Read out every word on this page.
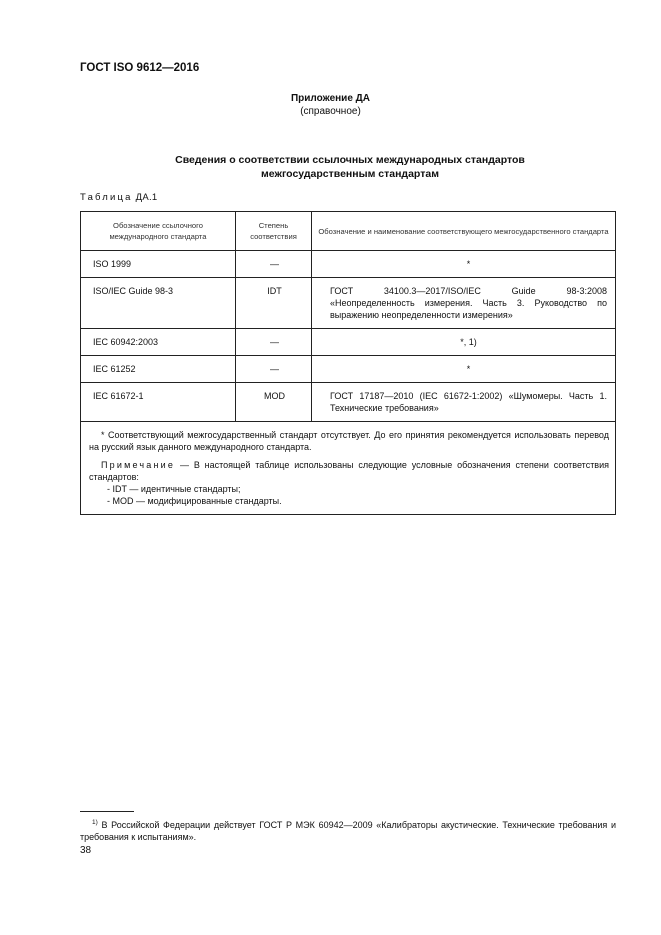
ГОСТ ISO 9612—2016
Приложение ДА
(справочное)
Сведения о соответствии ссылочных международных стандартов
межгосударственным стандартам
Таблица ДА.1
Обозначение ссылочного международного стандарта	Степень соответствия	Обозначение и наименование соответствующего межгосударственного стандарта
ISO 1999	—	*
ISO/IEC Guide 98-3	IDT	ГОСТ 34100.3—2017/ISO/IEC Guide 98-3:2008 «Неопределенность измерения. Часть 3. Руководство по выражению неопределенности измерения»
IEC 60942:2003	—	*, 1)
IEC 61252	—	*
IEC 61672-1	MOD	ГОСТ 17187—2010 (IEC 61672-1:2002) «Шумомеры. Часть 1. Технические требования»

* Соответствующий межгосударственный стандарт отсутствует. До его принятия рекомендуется использовать перевод на русский язык данного международного стандарта.

Примечание — В настоящей таблице использованы следующие условные обозначения степени соответствия стандартов:

- IDT — идентичные стандарты;

- MOD — модифицированные стандарты.		

$^{1)}$ В Российской Федерации действует ГОСТ Р МЭК 60942—2009 «Калибраторы акустические. Технические требования и требования к испытаниям».
38
